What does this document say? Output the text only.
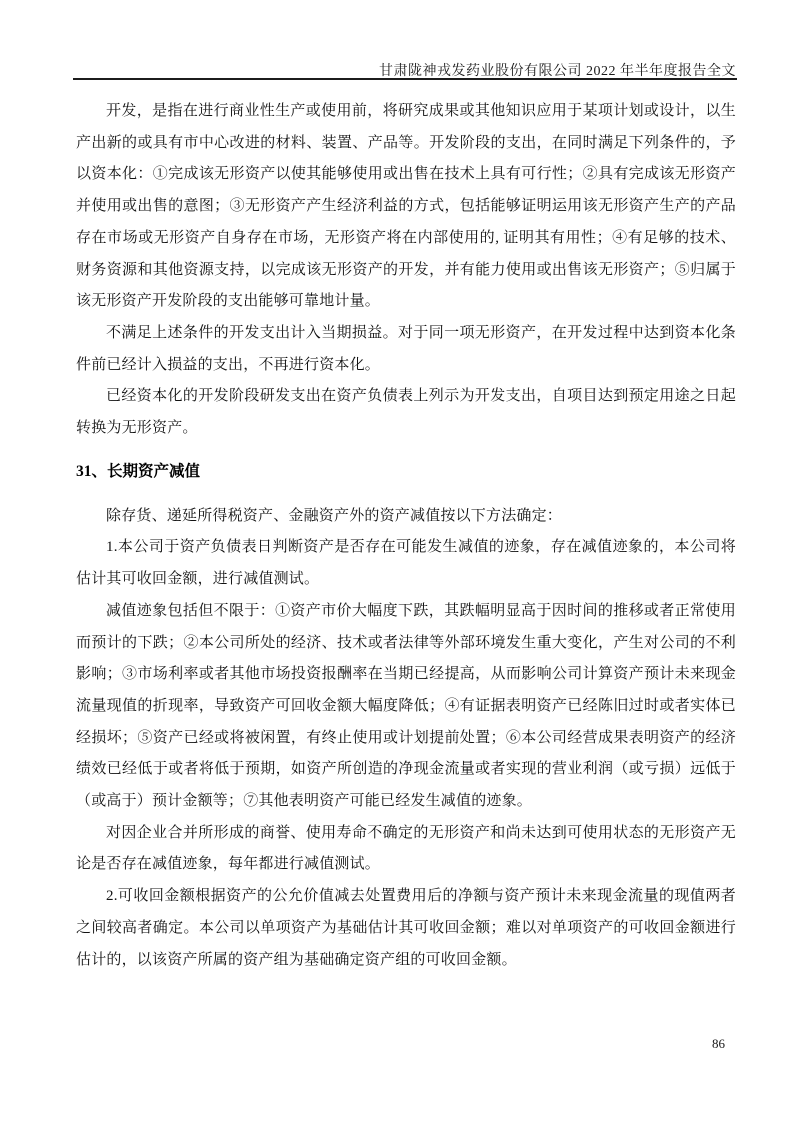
甘肃陇神戎发药业股份有限公司 2022 年半年度报告全文

开发，是指在进行商业性生产或使用前，将研究成果或其他知识应用于某项计划或设计，以生产出新的或具有市中心改进的材料、装置、产品等。开发阶段的支出，在同时满足下列条件的，予以资本化：①完成该无形资产以使其能够使用或出售在技术上具有可行性；②具有完成该无形资产并使用或出售的意图；③无形资产产生经济利益的方式，包括能够证明运用该无形资产生产的产品存在市场或无形资产自身存在市场，无形资产将在内部使用的, 证明其有用性；④有足够的技术、财务资源和其他资源支持，以完成该无形资产的开发，并有能力使用或出售该无形资产；⑤归属于该无形资产开发阶段的支出能够可靠地计量。

不满足上述条件的开发支出计入当期损益。对于同一项无形资产，在开发过程中达到资本化条件前已经计入损益的支出，不再进行资本化。

已经资本化的开发阶段研发支出在资产负债表上列示为开发支出，自项目达到预定用途之日起转换为无形资产。

31、长期资产减值

除存货、递延所得税资产、金融资产外的资产减值按以下方法确定：

1.本公司于资产负债表日判断资产是否存在可能发生减值的迹象，存在减值迹象的，本公司将估计其可收回金额，进行减值测试。

减值迹象包括但不限于：①资产市价大幅度下跌，其跌幅明显高于因时间的推移或者正常使用而预计的下跌；②本公司所处的经济、技术或者法律等外部环境发生重大变化，产生对公司的不利影响；③市场利率或者其他市场投资报酬率在当期已经提高，从而影响公司计算资产预计未来现金流量现值的折现率，导致资产可回收金额大幅度降低；④有证据表明资产已经陈旧过时或者实体已经损坏；⑤资产已经或将被闲置，有终止使用或计划提前处置；⑥本公司经营成果表明资产的经济绩效已经低于或者将低于预期，如资产所创造的净现金流量或者实现的营业利润（或亏损）远低于（或高于）预计金额等；⑦其他表明资产可能已经发生减值的迹象。

对因企业合并所形成的商誉、使用寿命不确定的无形资产和尚未达到可使用状态的无形资产无论是否存在减值迹象，每年都进行减值测试。

2.可收回金额根据资产的公允价值减去处置费用后的净额与资产预计未来现金流量的现值两者之间较高者确定。本公司以单项资产为基础估计其可收回金额；难以对单项资产的可收回金额进行估计的，以该资产所属的资产组为基础确定资产组的可收回金额。

86
